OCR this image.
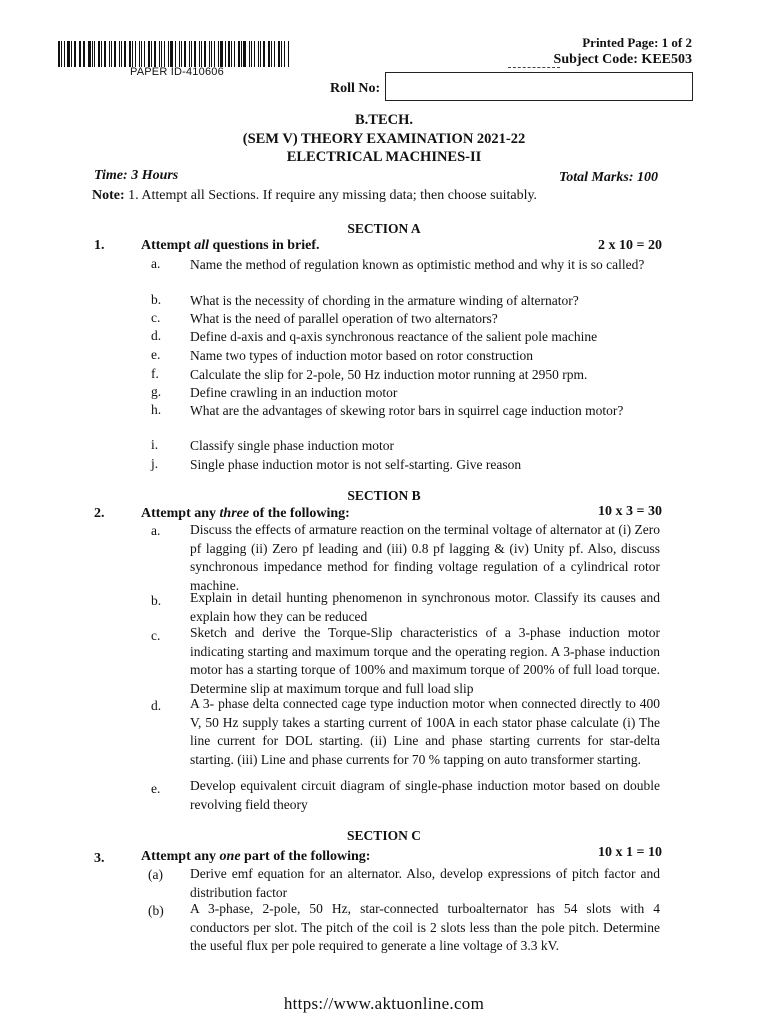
PAPER ID-410606
Printed Page: 1 of 2
Subject Code: KEE503
Roll No:
B.TECH.
(SEM V) THEORY EXAMINATION 2021-22
ELECTRICAL MACHINES-II
Time: 3 Hours	Total Marks: 100
Note: 1. Attempt all Sections. If require any missing data; then choose suitably.
SECTION A
1.	Attempt all questions in brief.	2 x 10 = 20
a. Name the method of regulation known as optimistic method and why it is so called?
b. What is the necessity of chording in the armature winding of alternator?
c. What is the need of parallel operation of two alternators?
d. Define d-axis and q-axis synchronous reactance of the salient pole machine
e. Name two types of induction motor based on rotor construction
f. Calculate the slip for 2-pole, 50 Hz induction motor running at 2950 rpm.
g. Define crawling in an induction motor
h. What are the advantages of skewing rotor bars in squirrel cage induction motor?
i. Classify single phase induction motor
j. Single phase induction motor is not self-starting. Give reason
SECTION B
2.	Attempt any three of the following:	10 x 3 = 30
a. Discuss the effects of armature reaction on the terminal voltage of alternator at (i) Zero pf lagging (ii) Zero pf leading and (iii) 0.8 pf lagging & (iv) Unity pf. Also, discuss synchronous impedance method for finding voltage regulation of a cylindrical rotor machine.
b. Explain in detail hunting phenomenon in synchronous motor. Classify its causes and explain how they can be reduced
c. Sketch and derive the Torque-Slip characteristics of a 3-phase induction motor indicating starting and maximum torque and the operating region. A 3-phase induction motor has a starting torque of 100% and maximum torque of 200% of full load torque. Determine slip at maximum torque and full load slip
d. A 3- phase delta connected cage type induction motor when connected directly to 400 V, 50 Hz supply takes a starting current of 100A in each stator phase calculate (i) The line current for DOL starting. (ii) Line and phase starting currents for star-delta starting. (iii) Line and phase currents for 70 % tapping on auto transformer starting.
e. Develop equivalent circuit diagram of single-phase induction motor based on double revolving field theory
SECTION C
3.	Attempt any one part of the following:	10 x 1 = 10
(a) Derive emf equation for an alternator. Also, develop expressions of pitch factor and distribution factor
(b) A 3-phase, 2-pole, 50 Hz, star-connected turboalternator has 54 slots with 4 conductors per slot. The pitch of the coil is 2 slots less than the pole pitch. Determine the useful flux per pole required to generate a line voltage of 3.3 kV.
https://www.aktuonline.com
